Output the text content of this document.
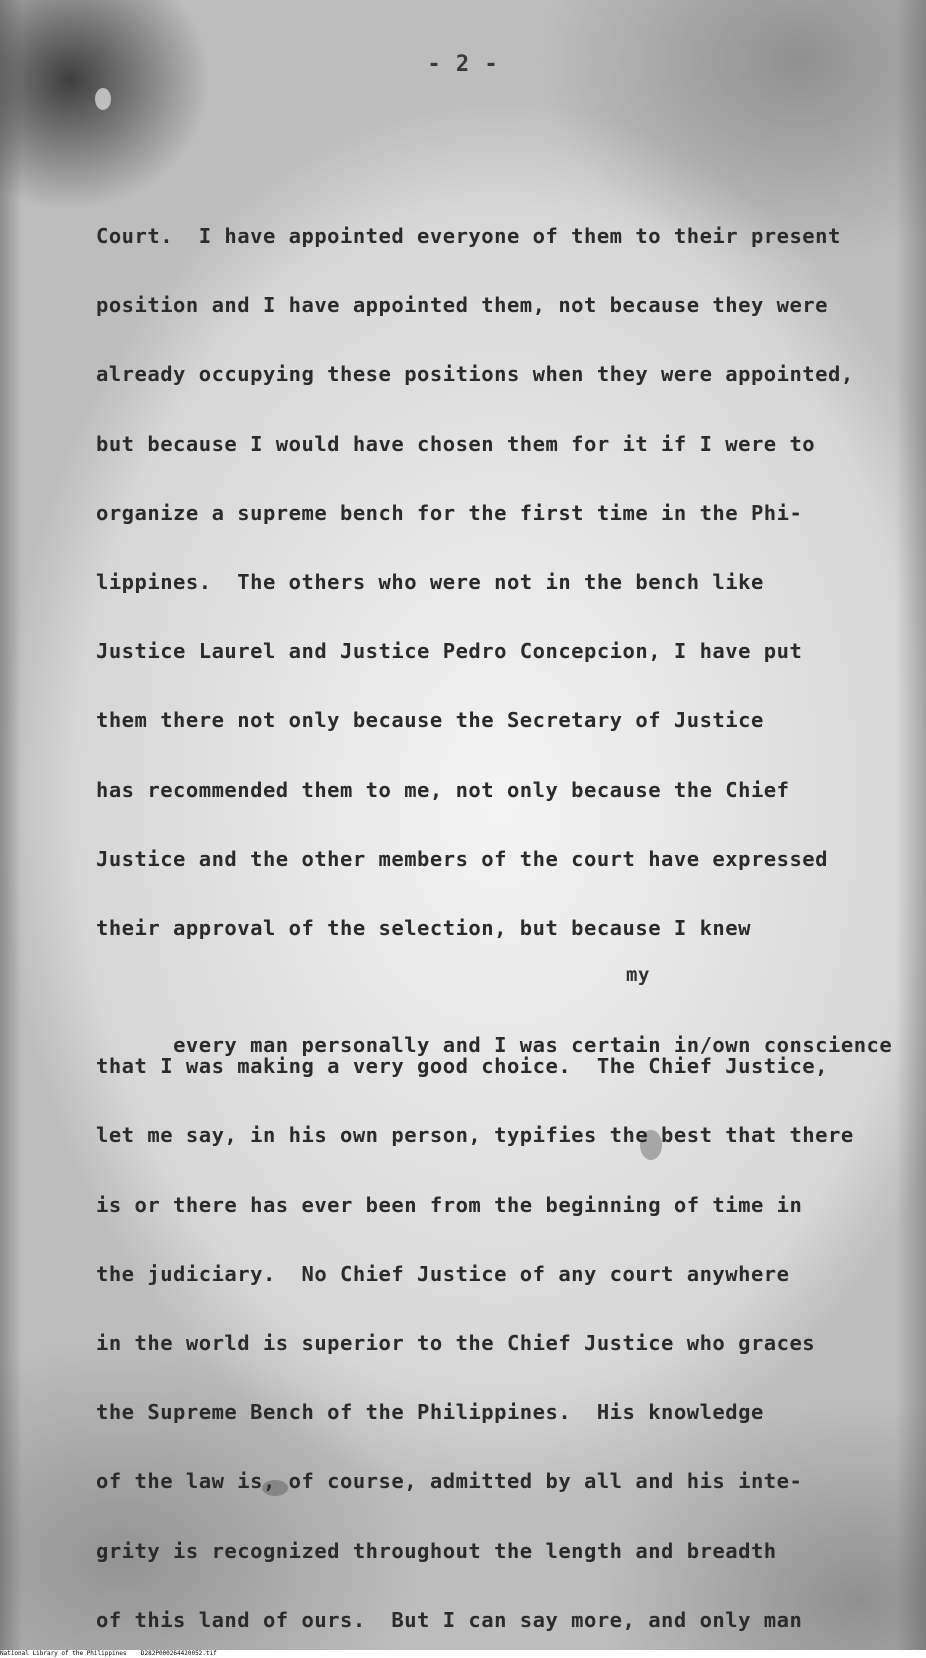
- 2 -
Court.  I have appointed everyone of them to their present
position and I have appointed them, not because they were
already occupying these positions when they were appointed,
but because I would have chosen them for it if I were to
organize a supreme bench for the first time in the Phi-
lippines.  The others who were not in the bench like
Justice Laurel and Justice Pedro Concepcion, I have put
them there not only because the Secretary of Justice
has recommended them to me, not only because the Chief
Justice and the other members of the court have expressed
their approval of the selection, but because I knew

my

every man personally and I was certain in/own conscience

that I was making a very good choice.  The Chief Justice,
let me say, in his own person, typifies the best that there
is or there has ever been from the beginning of time in
the judiciary.  No Chief Justice of any court anywhere
in the world is superior to the Chief Justice who graces
the Supreme Bench of the Philippines.  His knowledge
of the law is, of course, admitted by all and his inte-
grity is recognized throughout the length and breadth
of this land of ours.  But I can say more, and only man
National Library of the Philippines    D282P000264420052.tif
